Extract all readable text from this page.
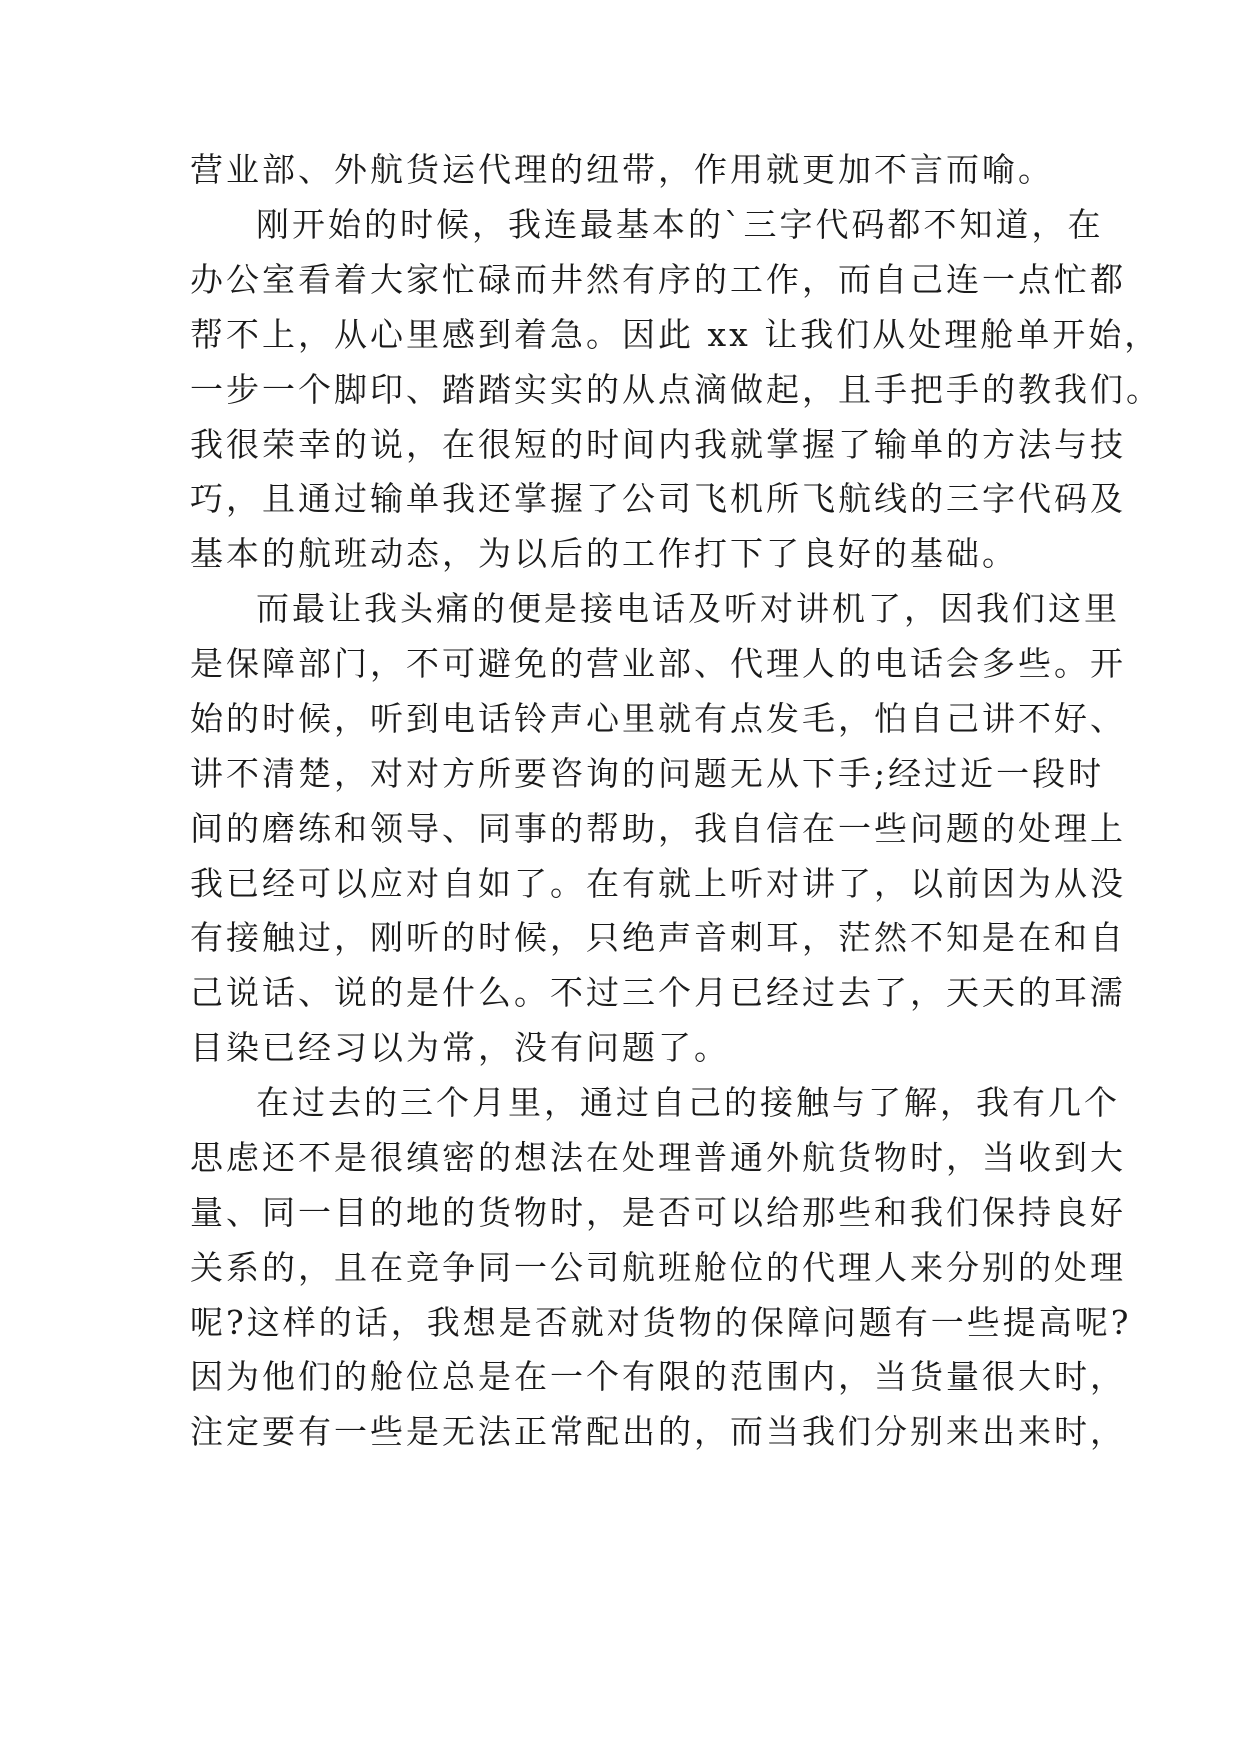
营业部、外航货运代理的纽带，作用就更加不言而喻。
刚开始的时候，我连最基本的`三字代码都不知道，在
办公室看着大家忙碌而井然有序的工作，而自己连一点忙都
帮不上，从心里感到着急。因此 xx 让我们从处理舱单开始，
一步一个脚印、踏踏实实的从点滴做起，且手把手的教我们。
我很荣幸的说，在很短的时间内我就掌握了输单的方法与技
巧，且通过输单我还掌握了公司飞机所飞航线的三字代码及
基本的航班动态，为以后的工作打下了良好的基础。
而最让我头痛的便是接电话及听对讲机了，因我们这里
是保障部门，不可避免的营业部、代理人的电话会多些。开
始的时候，听到电话铃声心里就有点发毛，怕自己讲不好、
讲不清楚，对对方所要咨询的问题无从下手;经过近一段时
间的磨练和领导、同事的帮助，我自信在一些问题的处理上
我已经可以应对自如了。在有就上听对讲了，以前因为从没
有接触过，刚听的时候，只绝声音刺耳，茫然不知是在和自
己说话、说的是什么。不过三个月已经过去了，天天的耳濡
目染已经习以为常，没有问题了。
在过去的三个月里，通过自己的接触与了解，我有几个
思虑还不是很缜密的想法在处理普通外航货物时，当收到大
量、同一目的地的货物时，是否可以给那些和我们保持良好
关系的，且在竞争同一公司航班舱位的代理人来分别的处理
呢?这样的话，我想是否就对货物的保障问题有一些提高呢?
因为他们的舱位总是在一个有限的范围内，当货量很大时，
注定要有一些是无法正常配出的，而当我们分别来出来时，
